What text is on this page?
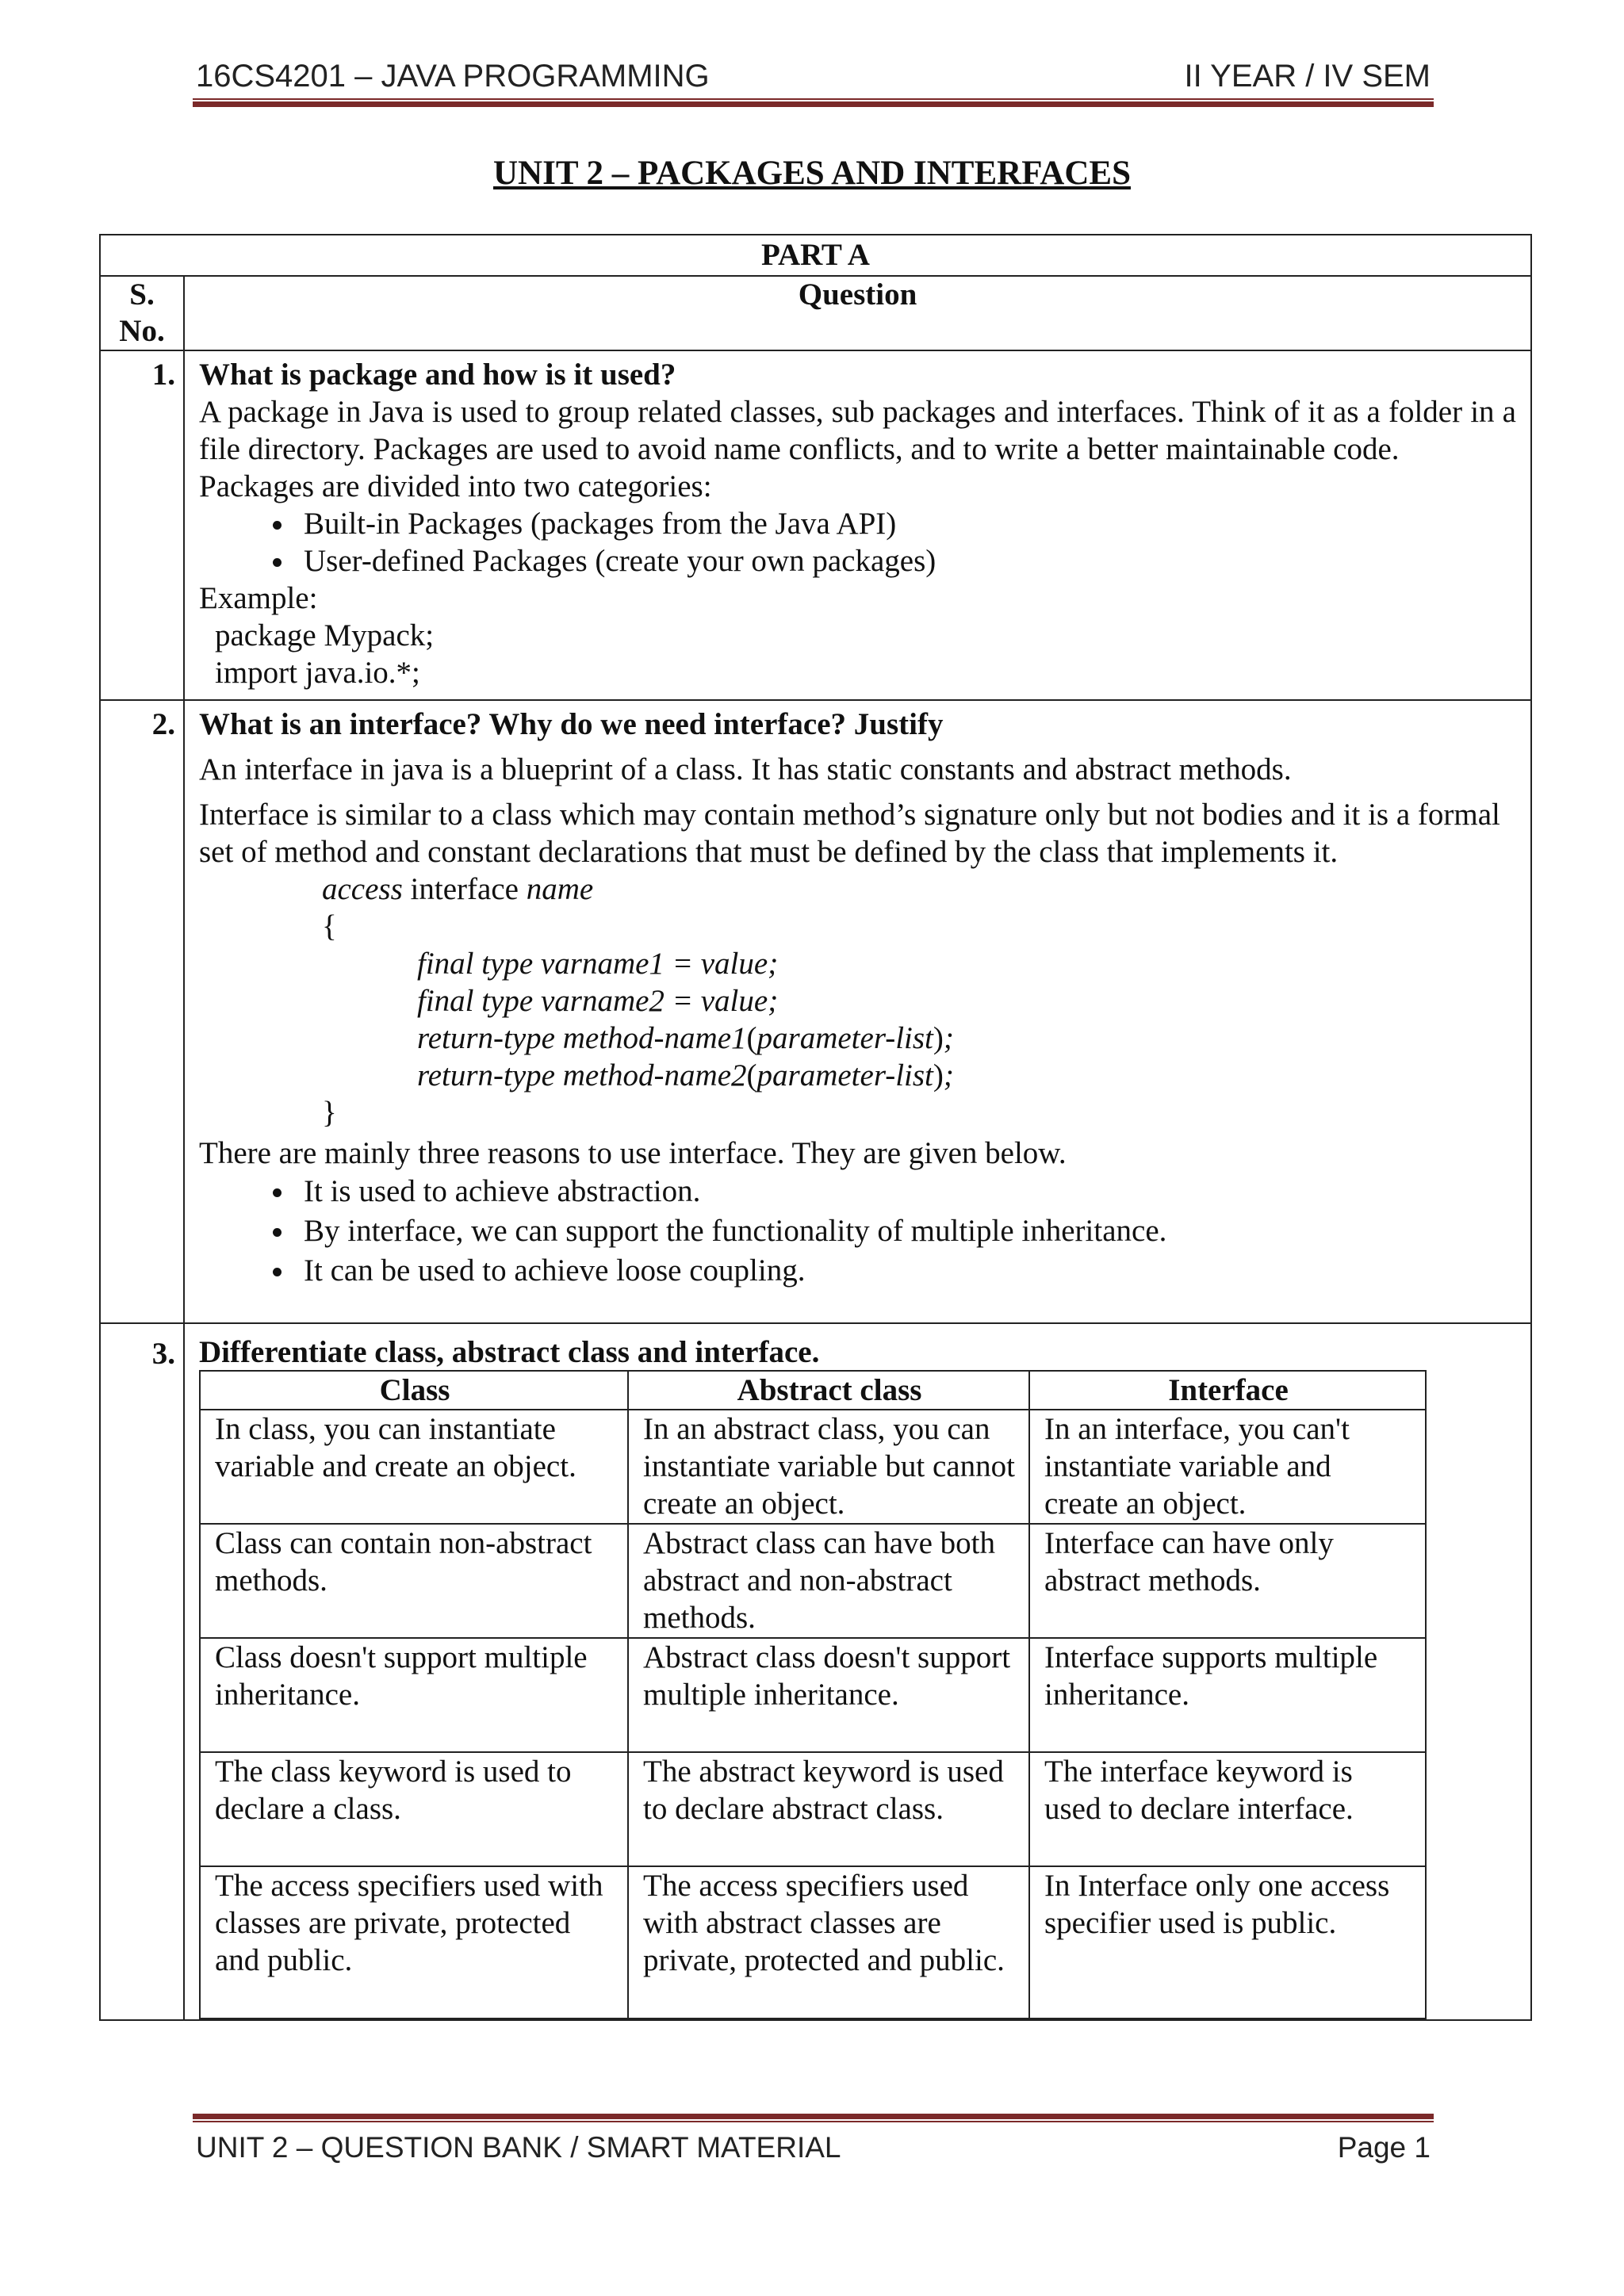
16CS4201 – JAVA PROGRAMMING	II YEAR / IV SEM
UNIT 2 – PACKAGES AND INTERFACES
PART A

S.
No.
	Question
1.	What is package and how is it used?
A package in Java is used to group related classes, sub packages and interfaces. Think of it as a folder in a file directory. Packages are used to avoid name conflicts, and to write a better maintainable code.
Packages are divided into two categories:
• Built-in Packages (packages from the Java API)
• User-defined Packages (create your own packages)
Example:
package Mypack;
import java.io.*;

2.	What is an interface? Why do we need interface? Justify
An interface in java is a blueprint of a class. It has static constants and abstract methods.
Interface is similar to a class which may contain method’s signature only but not bodies and it is a formal set of method and constant declarations that must be defined by the class that implements it.
access interface name
{
final type varname1 = value;
final type varname2 = value;
return-type method-name1(parameter-list);
return-type method-name2(parameter-list);
}
There are mainly three reasons to use interface. They are given below.
• It is used to achieve abstraction.
• By interface, we can support the functionality of multiple inheritance.
• It can be used to achieve loose coupling.

3.	Differentiate class, abstract class and interface.
Class	Abstract class	Interface
In class, you can instantiate variable and create an object.	In an abstract class, you can instantiate variable but cannot create an object.	In an interface, you can't instantiate variable and create an object.
Class can contain non-abstract methods.	Abstract class can have both abstract and non-abstract methods.	Interface can have only abstract methods.
Class doesn't support multiple inheritance.	Abstract class doesn't support multiple inheritance.	Interface supports multiple inheritance.
The class keyword is used to declare a class.	The abstract keyword is used to declare abstract class.	The interface keyword is used to declare interface.
The access specifiers used with classes are private, protected and public.	The access specifiers used with abstract classes are private, protected and public.	In Interface only one access specifier used is public.
UNIT 2 – QUESTION BANK / SMART MATERIAL	Page 1
